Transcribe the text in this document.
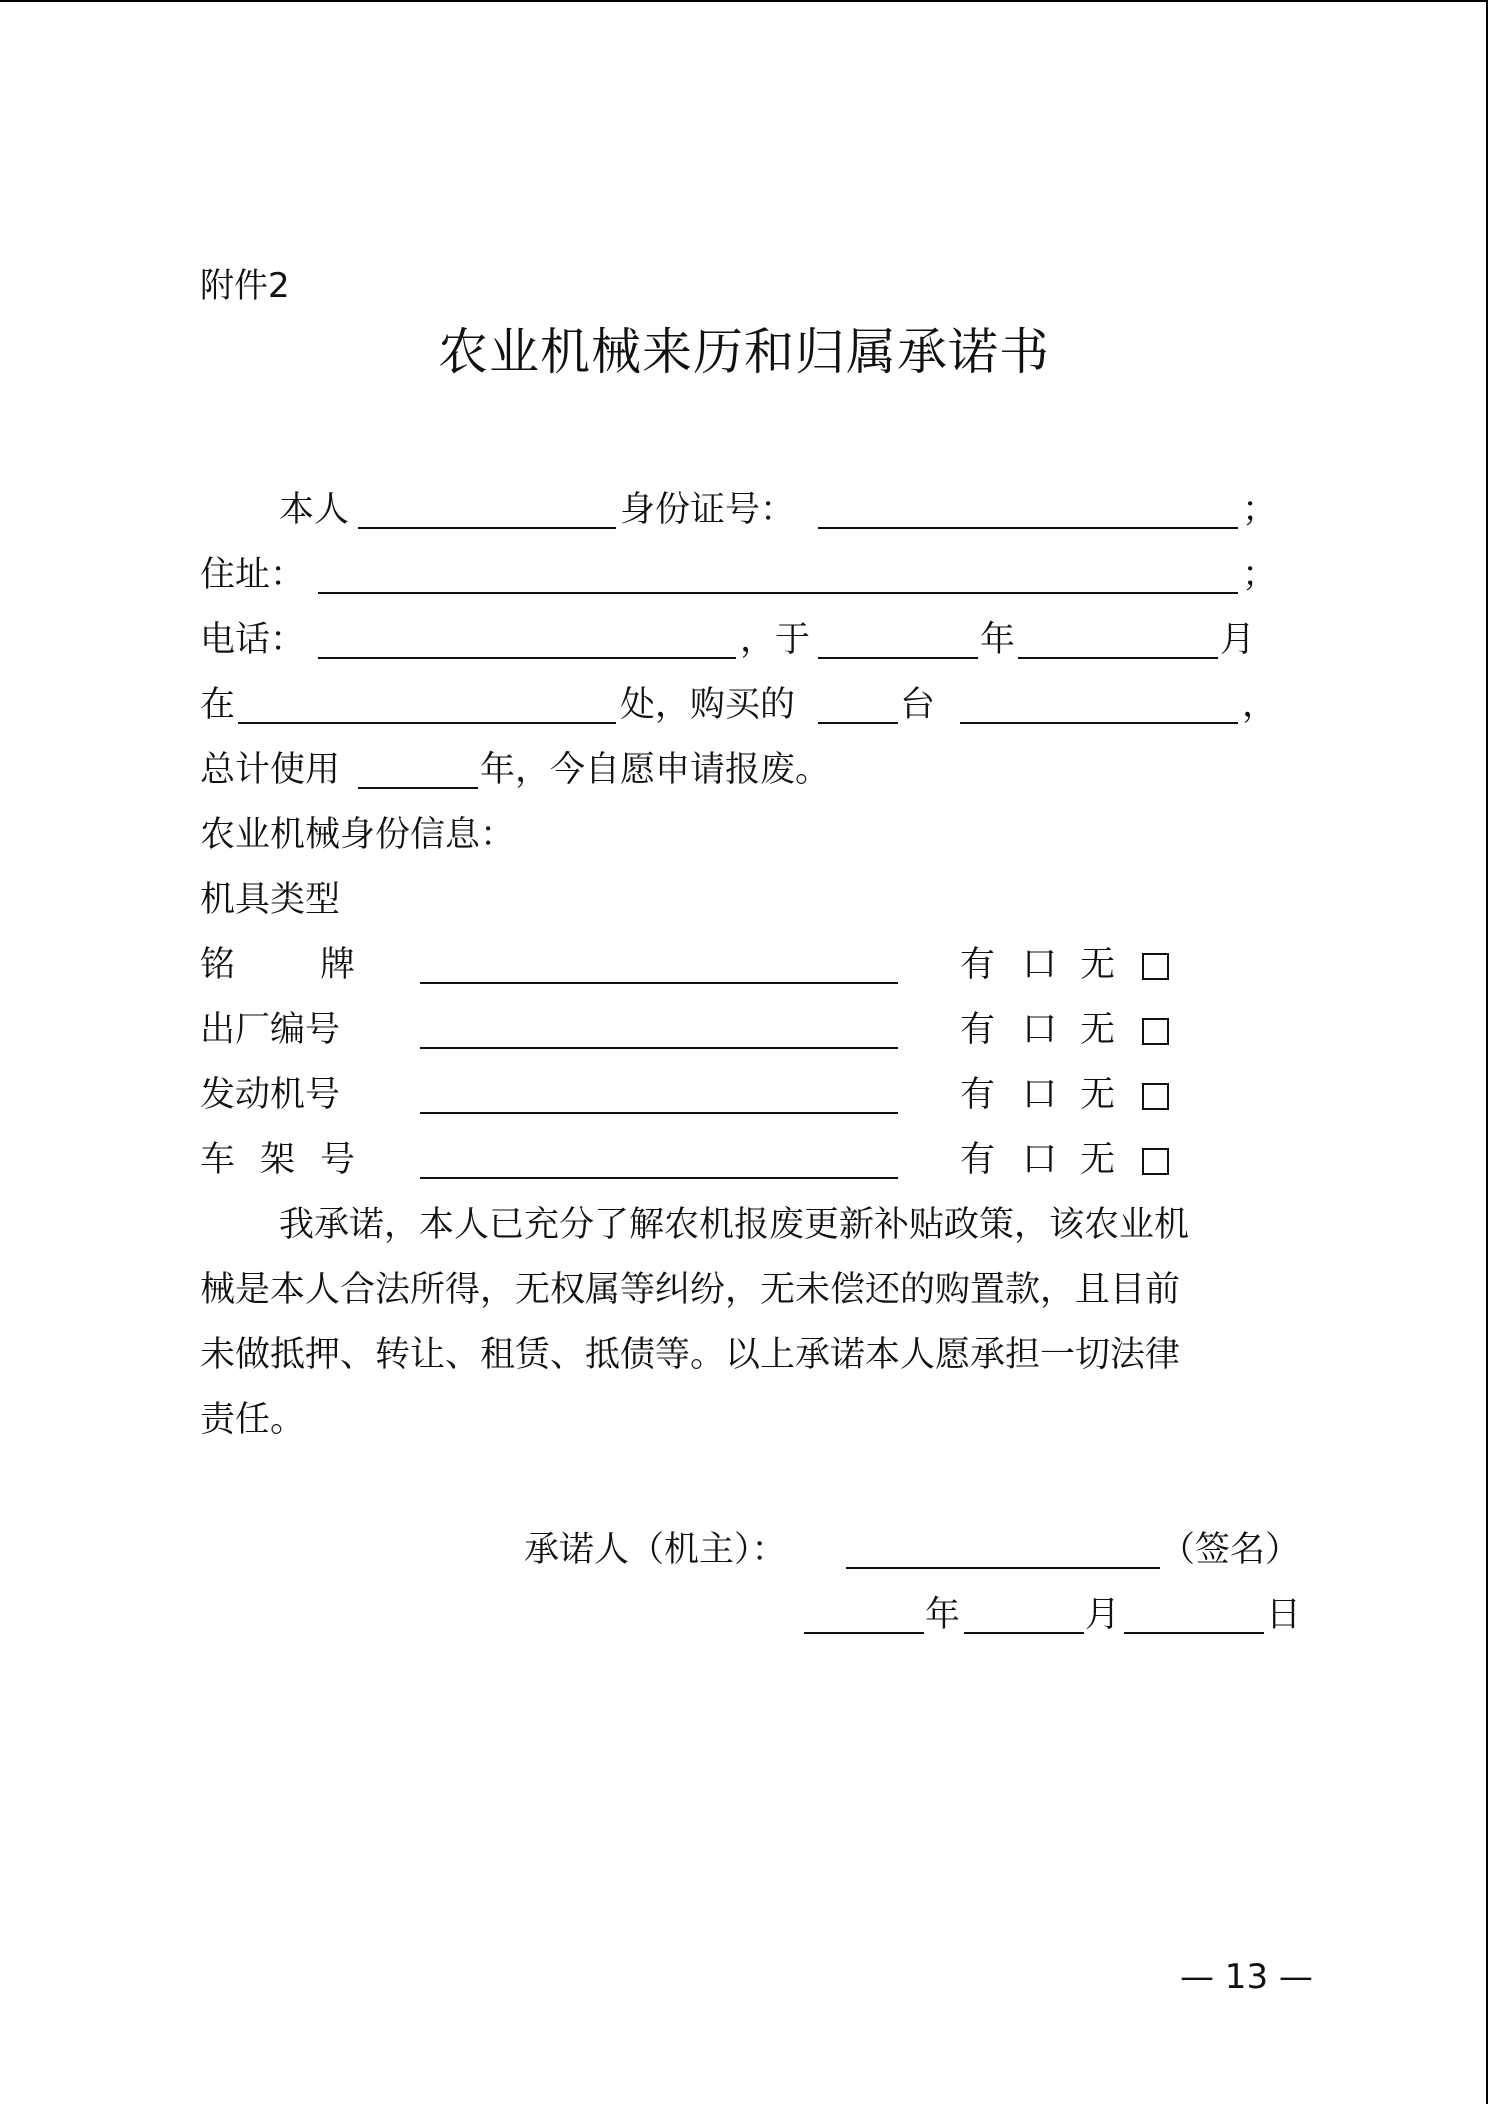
附件2
农业机械来历和归属承诺书
本人	身份证号：	；
住址：	；
电话：	，于	年	月
在	处，购买的	台	，
总计使用	年，今自愿申请报废。
农业机械身份信息：
机具类型
铭 牌	有 口 无
出厂编号	有 口 无
发动机号	有 口 无
车 架 号	有 口 无
我承诺，本人已充分了解农机报废更新补贴政策，该农业机
械是本人合法所得，无权属等纠纷，无未偿还的购置款，且目前
未做抵押、转让、租赁、抵债等。以上承诺本人愿承担一切法律
责任。
承诺人（机主）：	（签名）
年	月	日
— 13 —
